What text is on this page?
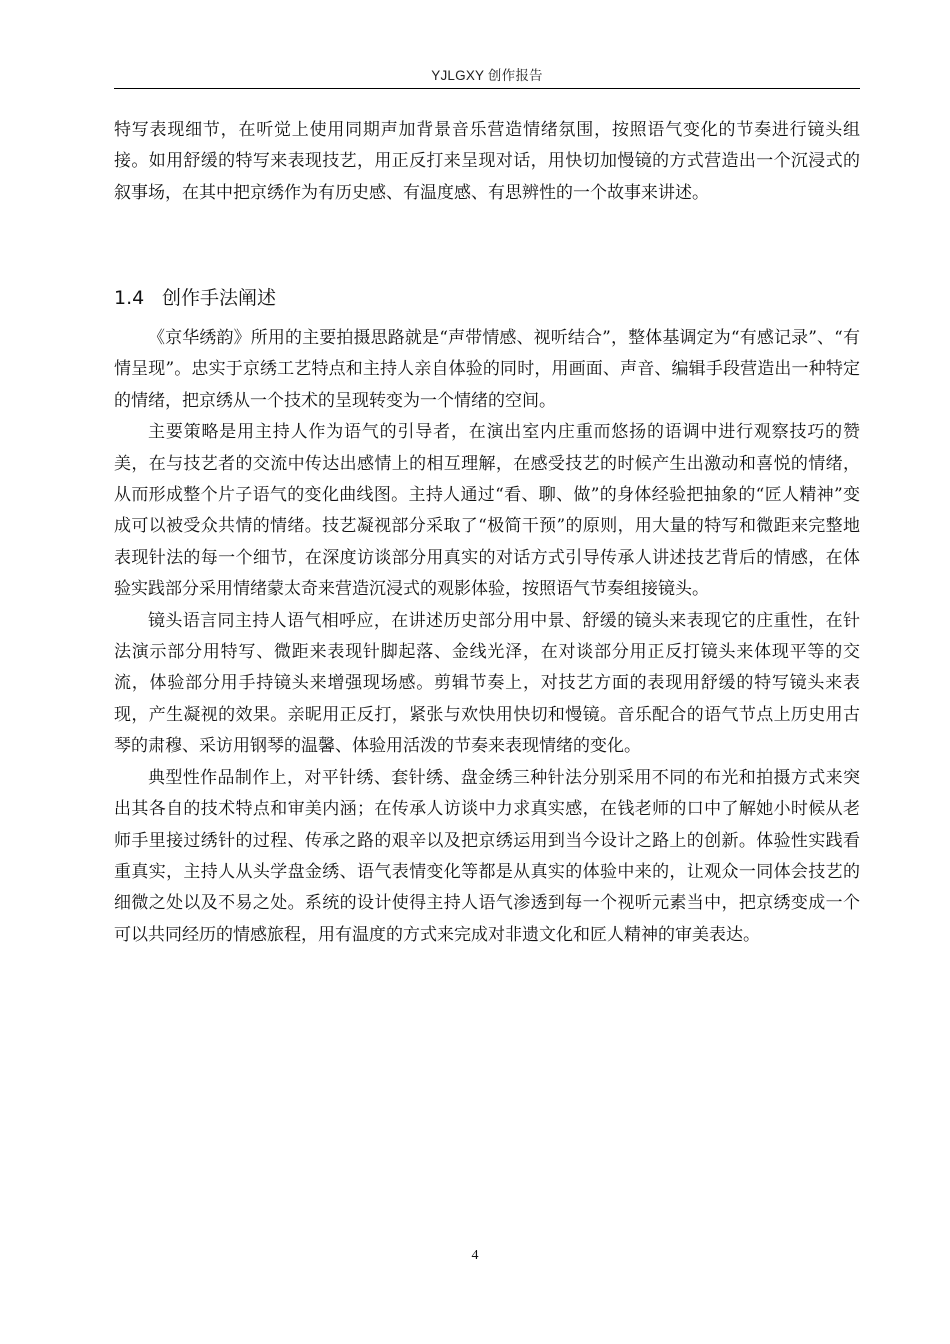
YJLGXY 创作报告

特写表现细节，在听觉上使用同期声加背景音乐营造情绪氛围，按照语气变化的节奏进行镜头组接。如用舒缓的特写来表现技艺，用正反打来呈现对话，用快切加慢镜的方式营造出一个沉浸式的叙事场，在其中把京绣作为有历史感、有温度感、有思辨性的一个故事来讲述。

1.4 创作手法阐述

《京华绣韵》所用的主要拍摄思路就是“声带情感、视听结合”，整体基调定为“有感记录”、“有情呈现”。忠实于京绣工艺特点和主持人亲自体验的同时，用画面、声音、编辑手段营造出一种特定的情绪，把京绣从一个技术的呈现转变为一个情绪的空间。

主要策略是用主持人作为语气的引导者，在演出室内庄重而悠扬的语调中进行观察技巧的赞美，在与技艺者的交流中传达出感情上的相互理解，在感受技艺的时候产生出激动和喜悦的情绪，从而形成整个片子语气的变化曲线图。主持人通过“看、聊、做”的身体经验把抽象的“匠人精神”变成可以被受众共情的情绪。技艺凝视部分采取了“极简干预”的原则，用大量的特写和微距来完整地表现针法的每一个细节，在深度访谈部分用真实的对话方式引导传承人讲述技艺背后的情感，在体验实践部分采用情绪蒙太奇来营造沉浸式的观影体验，按照语气节奏组接镜头。

镜头语言同主持人语气相呼应，在讲述历史部分用中景、舒缓的镜头来表现它的庄重性，在针法演示部分用特写、微距来表现针脚起落、金线光泽，在对谈部分用正反打镜头来体现平等的交流，体验部分用手持镜头来增强现场感。剪辑节奏上，对技艺方面的表现用舒缓的特写镜头来表现，产生凝视的效果。亲昵用正反打，紧张与欢快用快切和慢镜。音乐配合的语气节点上历史用古琴的肃穆、采访用钢琴的温馨、体验用活泼的节奏来表现情绪的变化。

典型性作品制作上，对平针绣、套针绣、盘金绣三种针法分别采用不同的布光和拍摄方式来突出其各自的技术特点和审美内涵；在传承人访谈中力求真实感，在钱老师的口中了解她小时候从老师手里接过绣针的过程、传承之路的艰辛以及把京绣运用到当今设计之路上的创新。体验性实践看重真实，主持人从头学盘金绣、语气表情变化等都是从真实的体验中来的，让观众一同体会技艺的细微之处以及不易之处。系统的设计使得主持人语气渗透到每一个视听元素当中，把京绣变成一个可以共同经历的情感旅程，用有温度的方式来完成对非遗文化和匠人精神的审美表达。

4
